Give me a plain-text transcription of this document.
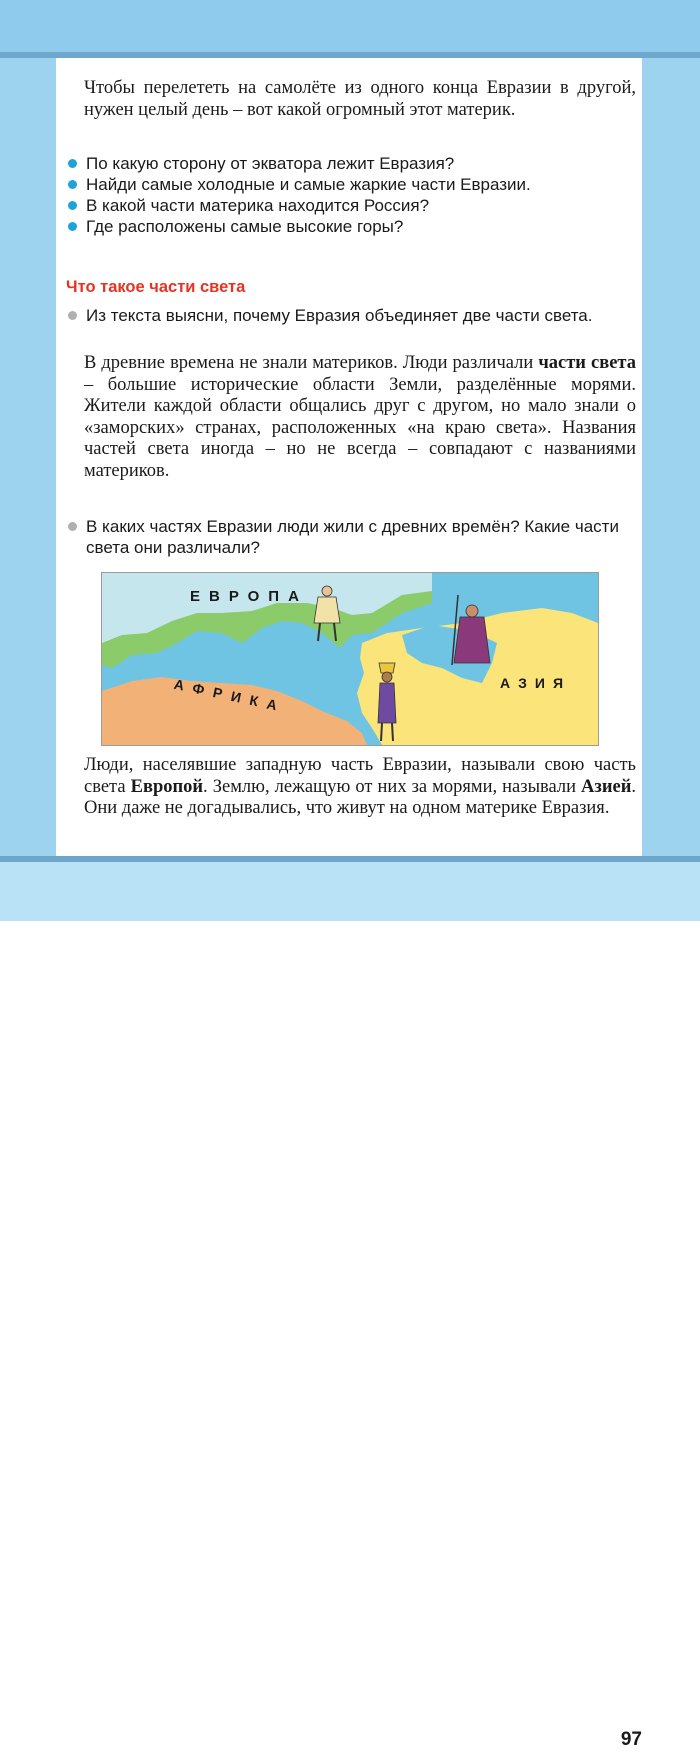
Чтобы перелететь на самолёте из одного конца Евразии в другой, нужен целый день – вот какой огромный этот материк.

По какую сторону от экватора лежит Евразия?
Найди самые холодные и самые жаркие части Евразии.
В какой части материка находится Россия?
Где расположены самые высокие горы?
Что такое части света

Из текста выясни, почему Евразия объединяет две части света.

В древние времена не знали материков. Люди различали части света – большие исторические области Земли, разделённые морями. Жители каждой области общались друг с другом, но мало знали о «заморских» странах, расположенных «на краю света». Названия частей света иногда – но не всегда – совпадают с названиями материков.

В каких частях Евразии люди жили с древних времён? Какие части света они различали?

ЕВРОПА
АФРИКА	АЗИЯ

Люди, населявшие западную часть Евразии, называли свою часть света Европой. Землю, лежащую от них за морями, называли Азией. Они даже не догадывались, что живут на одном материке Евразия.

97
